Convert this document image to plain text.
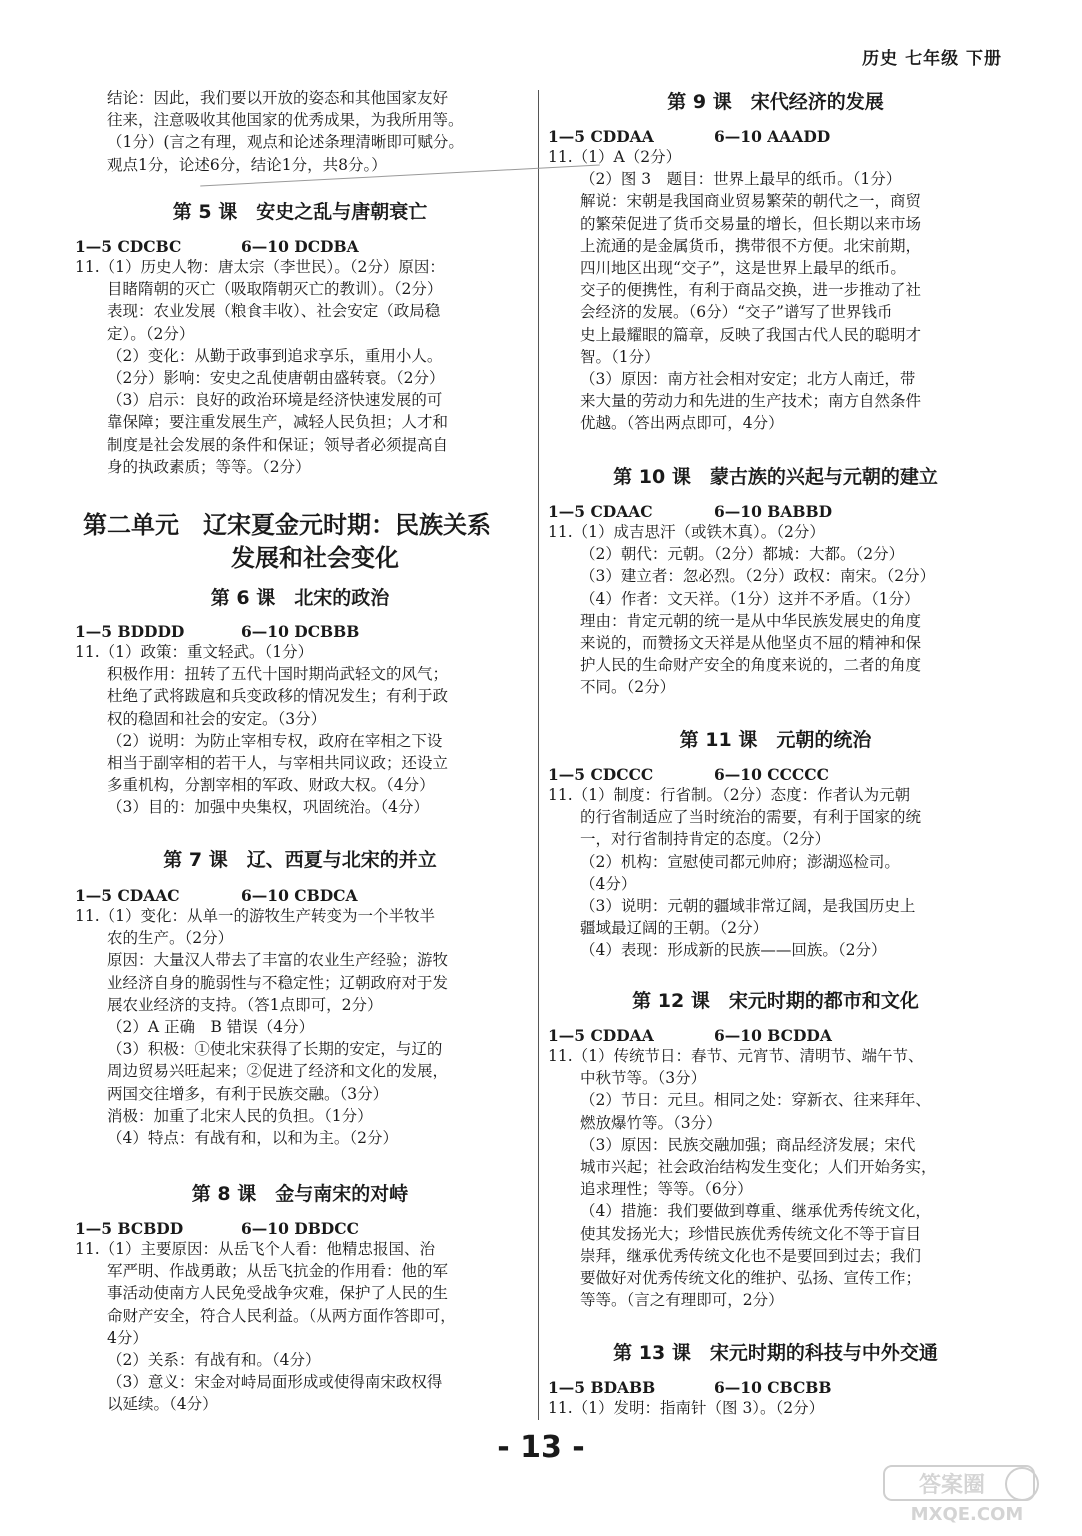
历史 七年级 下册
结论：因此，我们要以开放的姿态和其他国家友好
往来，注意吸收其他国家的优秀成果，为我所用等。
（1分）(言之有理，观点和论述条理清晰即可赋分。
观点1分，论述6分，结论1分，共8分。）
第 5 课　安史之乱与唐朝衰亡
1—5 CDCBC	6—10 DCDBA
11.（1）历史人物：唐太宗（李世民）。（2分）原因：
目睹隋朝的灭亡（吸取隋朝灭亡的教训）。（2分）
表现：农业发展（粮食丰收）、社会安定（政局稳
定）。（2分）
（2）变化：从勤于政事到追求享乐，重用小人。
（2分）影响：安史之乱使唐朝由盛转衰。（2分）
（3）启示：良好的政治环境是经济快速发展的可
靠保障；要注重发展生产，减轻人民负担；人才和
制度是社会发展的条件和保证；领导者必须提高自
身的执政素质；等等。（2分）
第二单元　辽宋夏金元时期：民族关系
发展和社会变化
第 6 课　北宋的政治
1—5 BDDDD	6—10 DCBBB
11.（1）政策：重文轻武。（1分）
积极作用：扭转了五代十国时期尚武轻文的风气；
杜绝了武将跋扈和兵变政移的情况发生；有利于政
权的稳固和社会的安定。（3分）
（2）说明：为防止宰相专权，政府在宰相之下设
相当于副宰相的若干人，与宰相共同议政；还设立
多重机构，分割宰相的军政、财政大权。（4分）
（3）目的：加强中央集权，巩固统治。（4分）
第 7 课　辽、西夏与北宋的并立
1—5 CDAAC	6—10 CBDCA
11.（1）变化：从单一的游牧生产转变为一个半牧半
农的生产。（2分）
原因：大量汉人带去了丰富的农业生产经验；游牧
业经济自身的脆弱性与不稳定性；辽朝政府对于发
展农业经济的支持。（答1点即可，2分）
（2）A 正确　B 错误（4分）
（3）积极：①使北宋获得了长期的安定，与辽的
周边贸易兴旺起来；②促进了经济和文化的发展，
两国交往增多，有利于民族交融。（3分）
消极：加重了北宋人民的负担。（1分）
（4）特点：有战有和，以和为主。（2分）
第 8 课　金与南宋的对峙
1—5 BCBDD	6—10 DBDCC
11.（1）主要原因：从岳飞个人看：他精忠报国、治
军严明、作战勇敢；从岳飞抗金的作用看：他的军
事活动使南方人民免受战争灾难，保护了人民的生
命财产安全，符合人民利益。（从两方面作答即可，
4分）
（2）关系：有战有和。（4分）
（3）意义：宋金对峙局面形成或使得南宋政权得
以延续。（4分）
第 9 课　宋代经济的发展
1—5 CDDAA	6—10 AAADD
11.（1）A（2分）
（2）图 3　题目：世界上最早的纸币。（1分）
解说：宋朝是我国商业贸易繁荣的朝代之一，商贸
的繁荣促进了货币交易量的增长，但长期以来市场
上流通的是金属货币，携带很不方便。北宋前期，
四川地区出现“交子”，这是世界上最早的纸币。
交子的便携性，有利于商品交换，进一步推动了社
会经济的发展。（6分）“交子”谱写了世界钱币
史上最耀眼的篇章，反映了我国古代人民的聪明才
智。（1分）
（3）原因：南方社会相对安定；北方人南迁，带
来大量的劳动力和先进的生产技术；南方自然条件
优越。（答出两点即可，4分）
第 10 课　蒙古族的兴起与元朝的建立
1—5 CDAAC	6—10 BABBD
11.（1）成吉思汗（或铁木真）。（2分）
（2）朝代：元朝。（2分）都城：大都。（2分）
（3）建立者：忽必烈。（2分）政权：南宋。（2分）
（4）作者：文天祥。（1分）这并不矛盾。（1分）
理由：肯定元朝的统一是从中华民族发展史的角度
来说的，而赞扬文天祥是从他坚贞不屈的精神和保
护人民的生命财产安全的角度来说的，二者的角度
不同。（2分）
第 11 课　元朝的统治
1—5 CDCCC	6—10 CCCCC
11.（1）制度：行省制。（2分）态度：作者认为元朝
的行省制适应了当时统治的需要，有利于国家的统
一，对行省制持肯定的态度。（2分）
（2）机构：宣慰使司都元帅府；澎湖巡检司。
（4分）
（3）说明：元朝的疆域非常辽阔，是我国历史上
疆域最辽阔的王朝。（2分）
（4）表现：形成新的民族——回族。（2分）
第 12 课　宋元时期的都市和文化
1—5 CDDAA	6—10 BCDDA
11.（1）传统节日：春节、元宵节、清明节、端午节、
中秋节等。（3分）
（2）节日：元旦。相同之处：穿新衣、往来拜年、
燃放爆竹等。（3分）
（3）原因：民族交融加强；商品经济发展；宋代
城市兴起；社会政治结构发生变化；人们开始务实，
追求理性；等等。（6分）
（4）措施：我们要做到尊重、继承优秀传统文化，
使其发扬光大；珍惜民族优秀传统文化不等于盲目
崇拜，继承优秀传统文化也不是要回到过去；我们
要做好对优秀传统文化的维护、弘扬、宣传工作；
等等。（言之有理即可，2分）
第 13 课　宋元时期的科技与中外交通
1—5 BDABB	6—10 CBCBB
11.（1）发明：指南针（图 3）。（2分）
- 13 -
答案圈
MXQE.COM
